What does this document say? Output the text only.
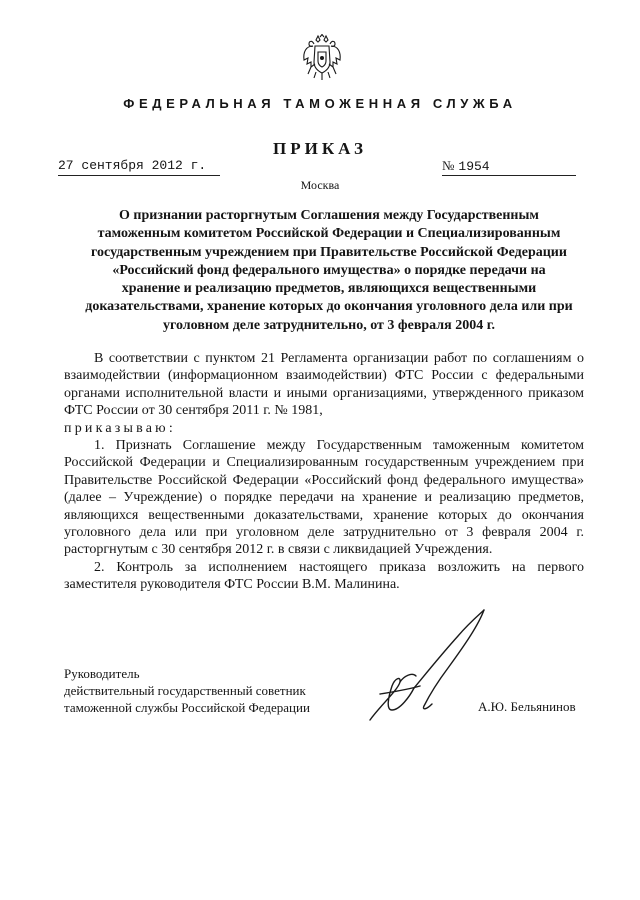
ФЕДЕРАЛЬНАЯ ТАМОЖЕННАЯ СЛУЖБА
ПРИКАЗ
27 сентября 2012 г.	№ 1954
Москва
О признании расторгнутым Соглашения между Государственным
таможенным комитетом Российской Федерации и Специализированным
государственным учреждением при Правительстве Российской Федерации
«Российский фонд федерального имущества» о порядке передачи на
хранение и реализацию предметов, являющихся вещественными
доказательствами, хранение которых до окончания уголовного дела или при
уголовном деле затруднительно, от 3 февраля 2004 г.

В соответствии с пунктом 21 Регламента организации работ по соглашениям о взаимодействии (информационном взаимодействии) ФТС России с федеральными органами исполнительной власти и иными организациями, утвержденного приказом ФТС России от 30 сентября 2011 г. № 1981,

приказываю:

1. Признать Соглашение между Государственным таможенным комитетом Российской Федерации и Специализированным государственным учреждением при Правительстве Российской Федерации «Российский фонд федерального имущества» (далее – Учреждение) о порядке передачи на хранение и реализацию предметов, являющихся вещественными доказательствами, хранение которых до окончания уголовного дела или при уголовном деле затруднительно от 3 февраля 2004 г. расторгнутым с 30 сентября 2012 г. в связи с ликвидацией Учреждения.

2. Контроль за исполнением настоящего приказа возложить на первого заместителя руководителя ФТС России В.М. Малинина.

Руководитель
действительный государственный советник
таможенной службы Российской Федерации	А.Ю. Бельянинов
